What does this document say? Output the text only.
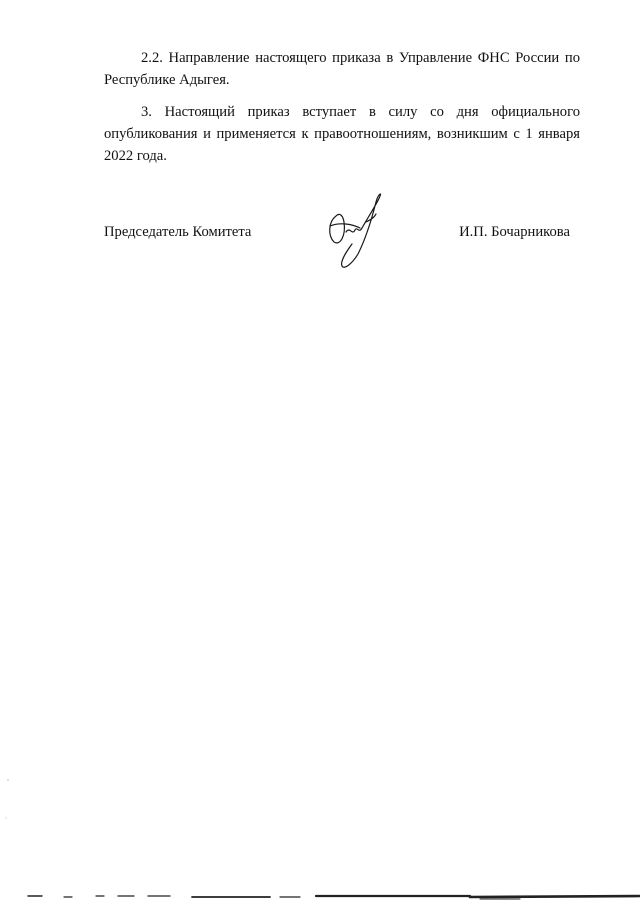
2.2. Направление настоящего приказа в Управление ФНС России по Республике Адыгея.

3. Настоящий приказ вступает в силу со дня официального
опубликования и применяется к правоотношениям, возникшим с 1 января
2022 года.

Председатель Комитета	И.П. Бочарникова
